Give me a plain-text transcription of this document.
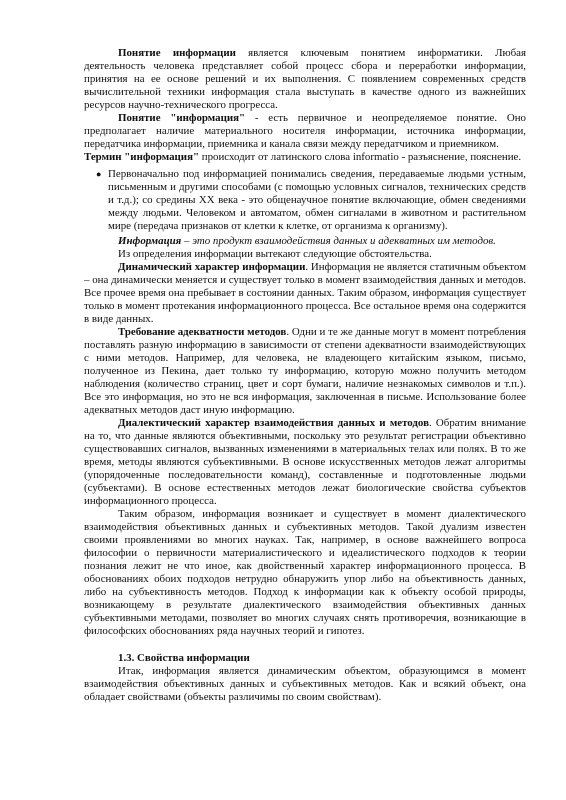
Понятие информации является ключевым понятием информатики. Любая деятельность человека представляет собой процесс сбора и переработки информации, принятия на ее основе решений и их выполнения. С появлением современных средств вычислительной техники информация стала выступать в качестве одного из важнейших ресурсов научно-технического прогресса.

Понятие "информация" - есть первичное и неопределяемое понятие. Оно предполагает наличие материального носителя информации, источника информации, передатчика информации, приемника и канала связи между передатчиком и приемником.

Термин "информация" происходит от латинского слова informatio - разъяснение, пояснение.

● Первоначально под информацией понимались сведения, передаваемые людьми устным, письменным и другими способами (с помощью условных сигналов, технических средств и т.д.); со средины XX века - это общенаучное понятие включающие, обмен сведениями между людьми. Человеком и автоматом, обмен сигналами в животном и растительном мире (передача признаков от клетки к клетке, от организма к организму).

Информация – это продукт взаимодействия данных и адекватных им методов.

Из определения информации вытекают следующие обстоятельства.

Динамический характер информации. Информация не является статичным объектом – она динамически меняется и существует только в момент взаимодействия данных и методов. Все прочее время она пребывает в состоянии данных. Таким образом, информация существует только в момент протекания информационного процесса. Все остальное время она содержится в виде данных.

Требование адекватности методов. Одни и те же данные могут в момент потребления поставлять разную информацию в зависимости от степени адекватности взаимодействующих с ними методов. Например, для человека, не владеющего китайским языком, письмо, полученное из Пекина, дает только ту информацию, которую можно получить методом наблюдения (количество страниц, цвет и сорт бумаги, наличие незнакомых символов и т.п.). Все это информация, но это не вся информация, заключенная в письме. Использование более адекватных методов даст иную информацию.

Диалектический характер взаимодействия данных и методов. Обратим внимание на то, что данные являются объективными, поскольку это результат регистрации объективно существовавших сигналов, вызванных изменениями в материальных телах или полях. В то же время, методы являются субъективными. В основе искусственных методов лежат алгоритмы (упорядоченные последовательности команд), составленные и подготовленные людьми (субъектами). В основе естественных методов лежат биологические свойства субъектов информационного процесса.

Таким образом, информация возникает и существует в момент диалектического взаимодействия объективных данных и субъективных методов. Такой дуализм известен своими проявлениями во многих науках. Так, например, в основе важнейшего вопроса философии о первичности материалистического и идеалистического подходов к теории познания лежит не что иное, как двойственный характер информационного процесса. В обоснованиях обоих подходов нетрудно обнаружить упор либо на объективность данных, либо на субъективность методов. Подход к информации как к объекту особой природы, возникающему в результате диалектического взаимодействия объективных данных субъективными методами, позволяет во многих случаях снять противоречия, возникающие в философских обоснованиях ряда научных теорий и гипотез.

1.3. Свойства информации

Итак, информация является динамическим объектом, образующимся в момент взаимодействия объективных данных и субъективных методов. Как и всякий объект, она обладает свойствами (объекты различимы по своим свойствам).
